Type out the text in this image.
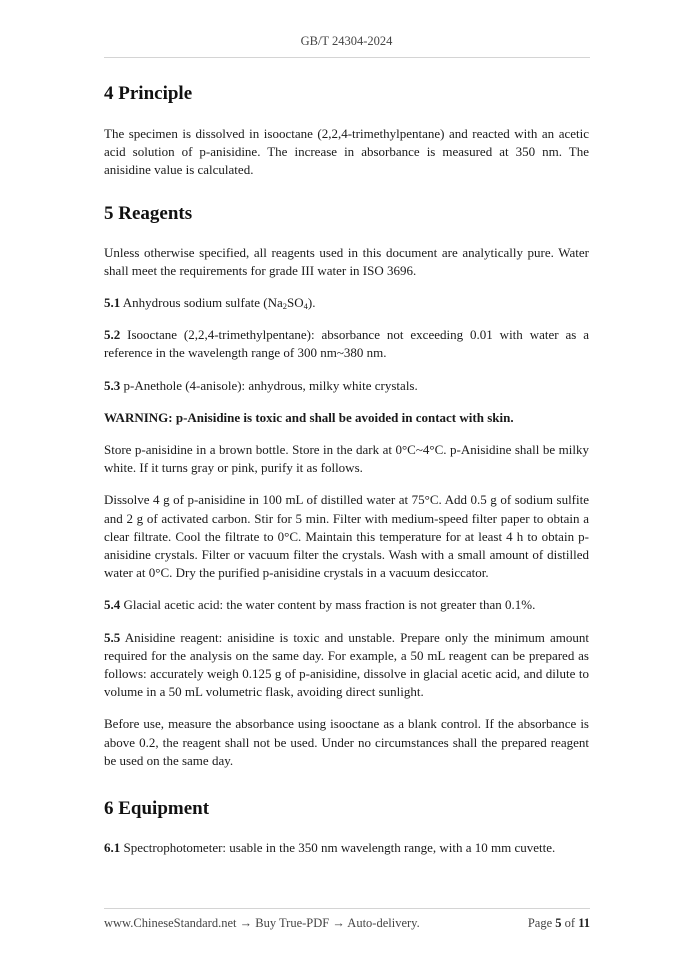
GB/T 24304-2024
4 Principle

The specimen is dissolved in isooctane (2,2,4-trimethylpentane) and reacted with an acetic acid solution of p-anisidine. The increase in absorbance is measured at 350 nm. The anisidine value is calculated.

5 Reagents

Unless otherwise specified, all reagents used in this document are analytically pure. Water shall meet the requirements for grade III water in ISO 3696.

5.1 Anhydrous sodium sulfate $(Na_2SO_4)$.

5.2 Isooctane (2,2,4-trimethylpentane): absorbance not exceeding 0.01 with water as a reference in the wavelength range of 300 nm~380 nm.

5.3 p-Anethole (4-anisole): anhydrous, milky white crystals.

WARNING: p-Anisidine is toxic and shall be avoided in contact with skin.

Store p-anisidine in a brown bottle. Store in the dark at 0°C~4°C. p-Anisidine shall be milky white. If it turns gray or pink, purify it as follows.

Dissolve 4 g of p-anisidine in 100 mL of distilled water at 75°C. Add 0.5 g of sodium sulfite and 2 g of activated carbon. Stir for 5 min. Filter with medium-speed filter paper to obtain a clear filtrate. Cool the filtrate to 0°C. Maintain this temperature for at least 4 h to obtain p-anisidine crystals. Filter or vacuum filter the crystals. Wash with a small amount of distilled water at 0°C. Dry the purified p-anisidine crystals in a vacuum desiccator.

5.4 Glacial acetic acid: the water content by mass fraction is not greater than 0.1%.

5.5 Anisidine reagent: anisidine is toxic and unstable. Prepare only the minimum amount required for the analysis on the same day. For example, a 50 mL reagent can be prepared as follows: accurately weigh 0.125 g of p-anisidine, dissolve in glacial acetic acid, and dilute to volume in a 50 mL volumetric flask, avoiding direct sunlight.

Before use, measure the absorbance using isooctane as a blank control. If the absorbance is above 0.2, the reagent shall not be used. Under no circumstances shall the prepared reagent be used on the same day.

6 Equipment

6.1 Spectrophotometer: usable in the 350 nm wavelength range, with a 10 mm cuvette.

www.ChineseStandard.net → Buy True-PDF → Auto-delivery.	Page 5 of 11
